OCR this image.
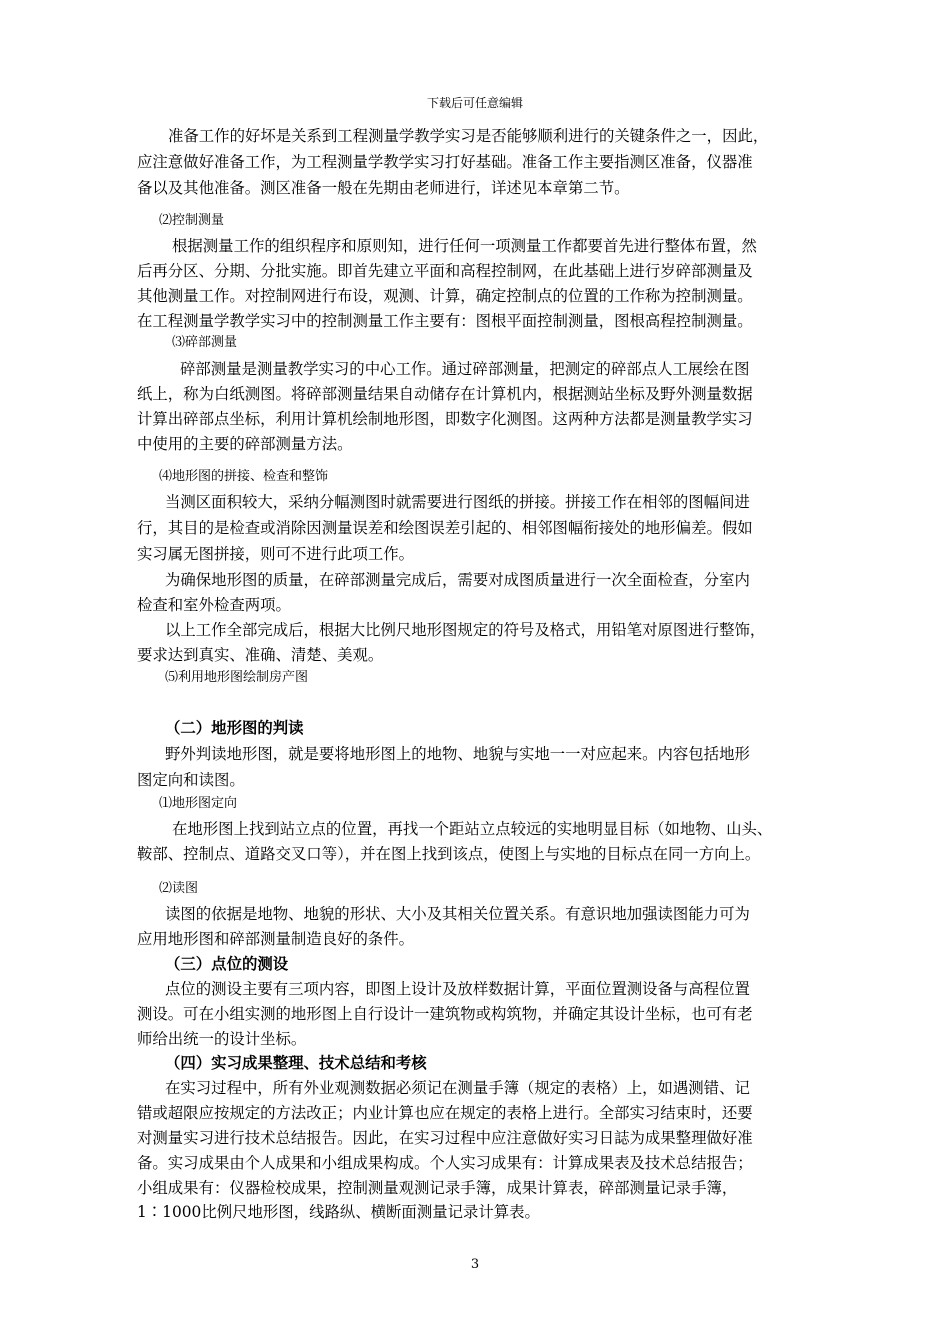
下载后可任意编辑
准备工作的好坏是关系到工程测量学教学实习是否能够顺利进行的关键条件之一，因此，
应注意做好准备工作，为工程测量学教学实习打好基础。准备工作主要指测区准备，仪器准
备以及其他准备。测区准备一般在先期由老师进行，详述见本章第二节。
⑵控制测量
根据测量工作的组织程序和原则知，进行任何一项测量工作都要首先进行整体布置，然
后再分区、分期、分批实施。即首先建立平面和高程控制网，在此基础上进行岁碎部测量及
其他测量工作。对控制网进行布设，观测、计算，确定控制点的位置的工作称为控制测量。
在工程测量学教学实习中的控制测量工作主要有：图根平面控制测量，图根高程控制测量。
⑶碎部测量
碎部测量是测量教学实习的中心工作。通过碎部测量，把测定的碎部点人工展绘在图
纸上，称为白纸测图。将碎部测量结果自动储存在计算机内，根据测站坐标及野外测量数据
计算出碎部点坐标，利用计算机绘制地形图，即数字化测图。这两种方法都是测量教学实习
中使用的主要的碎部测量方法。
⑷地形图的拼接、检查和整饰
当测区面积较大，采纳分幅测图时就需要进行图纸的拼接。拼接工作在相邻的图幅间进
行，其目的是检查或消除因测量误差和绘图误差引起的、相邻图幅衔接处的地形偏差。假如
实习属无图拼接，则可不进行此项工作。
为确保地形图的质量，在碎部测量完成后，需要对成图质量进行一次全面检查，分室内
检查和室外检查两项。
以上工作全部完成后，根据大比例尺地形图规定的符号及格式，用铅笔对原图进行整饰，
要求达到真实、准确、清楚、美观。
⑸利用地形图绘制房产图
（二）地形图的判读
野外判读地形图，就是要将地形图上的地物、地貌与实地一一对应起来。内容包括地形
图定向和读图。
⑴地形图定向
在地形图上找到站立点的位置，再找一个距站立点较远的实地明显目标（如地物、山头、
鞍部、控制点、道路交叉口等），并在图上找到该点，使图上与实地的目标点在同一方向上。
⑵读图
读图的依据是地物、地貌的形状、大小及其相关位置关系。有意识地加强读图能力可为
应用地形图和碎部测量制造良好的条件。
（三）点位的测设
点位的测设主要有三项内容，即图上设计及放样数据计算，平面位置测设备与高程位置
测设。可在小组实测的地形图上自行设计一建筑物或构筑物，并确定其设计坐标，也可有老
师给出统一的设计坐标。
（四）实习成果整理、技术总结和考核
在实习过程中，所有外业观测数据必须记在测量手簿（规定的表格）上，如遇测错、记
错或超限应按规定的方法改正；内业计算也应在规定的表格上进行。全部实习结束时，还要
对测量实习进行技术总结报告。因此，在实习过程中应注意做好实习日誌为成果整理做好准
备。实习成果由个人成果和小组成果构成。个人实习成果有：计算成果表及技术总结报告；
小组成果有：仪器检校成果，控制测量观测记录手簿，成果计算表，碎部测量记录手簿，
1∶1000比例尺地形图，线路纵、横断面测量记录计算表。
3
